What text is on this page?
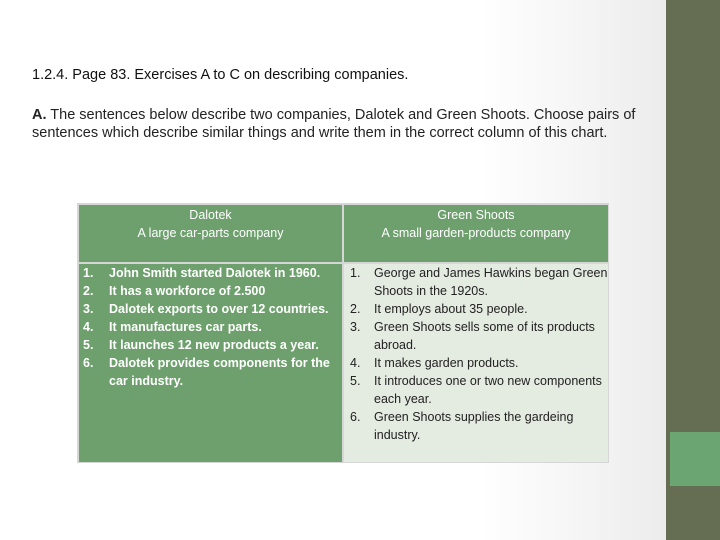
1.2.4. Page 83. Exercises A to C on describing companies.

A. The sentences below describe two companies, Dalotek and Green Shoots. Choose pairs of sentences which describe similar things and write them in the correct column of this chart.

Dalotek
A large car-parts company
Green Shoots
A small garden-products company
1. John Smith started Dalotek in 1960.
2. It has a workforce of 2.500
3. Dalotek exports to over 12 countries.
4. It manufactures car parts.
5. It launches 12 new products a year.
6. Dalotek provides components for the car industry.
1. George and James Hawkins began Green Shoots in the 1920s.
2. It employs about 35 people.
3. Green Shoots sells some of its products abroad.
4. It makes garden products.
5. It introduces one or two new components each year.
6. Green Shoots supplies the gardeing industry.
